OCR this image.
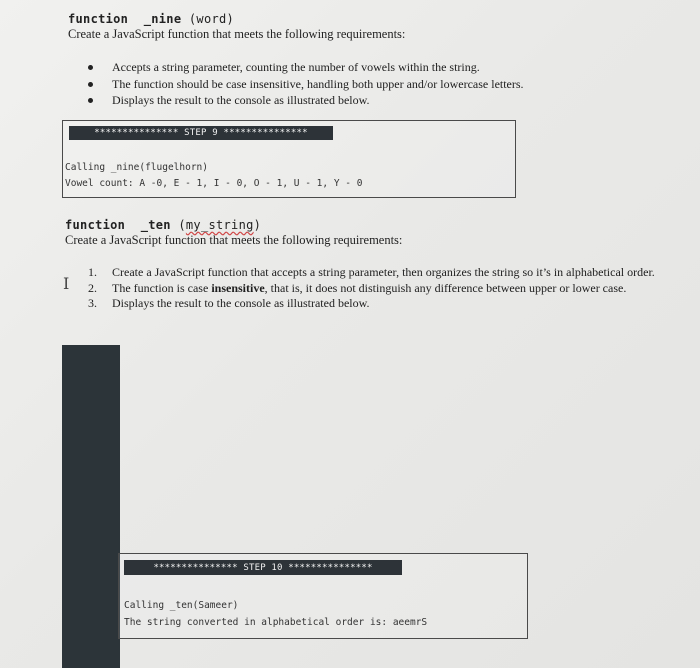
function _nine (word)
Create a JavaScript function that meets the following requirements:
Accepts a string parameter, counting the number of vowels within the string.
The function should be case insensitive, handling both upper and/or lowercase letters.
Displays the result to the console as illustrated below.
*************** STEP 9 ***************
Calling _nine(flugelhorn)
Vowel count: A -0, E - 1, I - 0, O - 1, U - 1, Y - 0
function _ten (my_string)
Create a JavaScript function that meets the following requirements:
I
1. Create a JavaScript function that accepts a string parameter, then organizes the string so it’s in alphabetical order.
2. The function is case insensitive, that is, it does not distinguish any difference between upper or lower case.
3. Displays the result to the console as illustrated below.
*************** STEP 10 ***************
Calling _ten(Sameer)
The string converted in alphabetical order is: aeemrS
